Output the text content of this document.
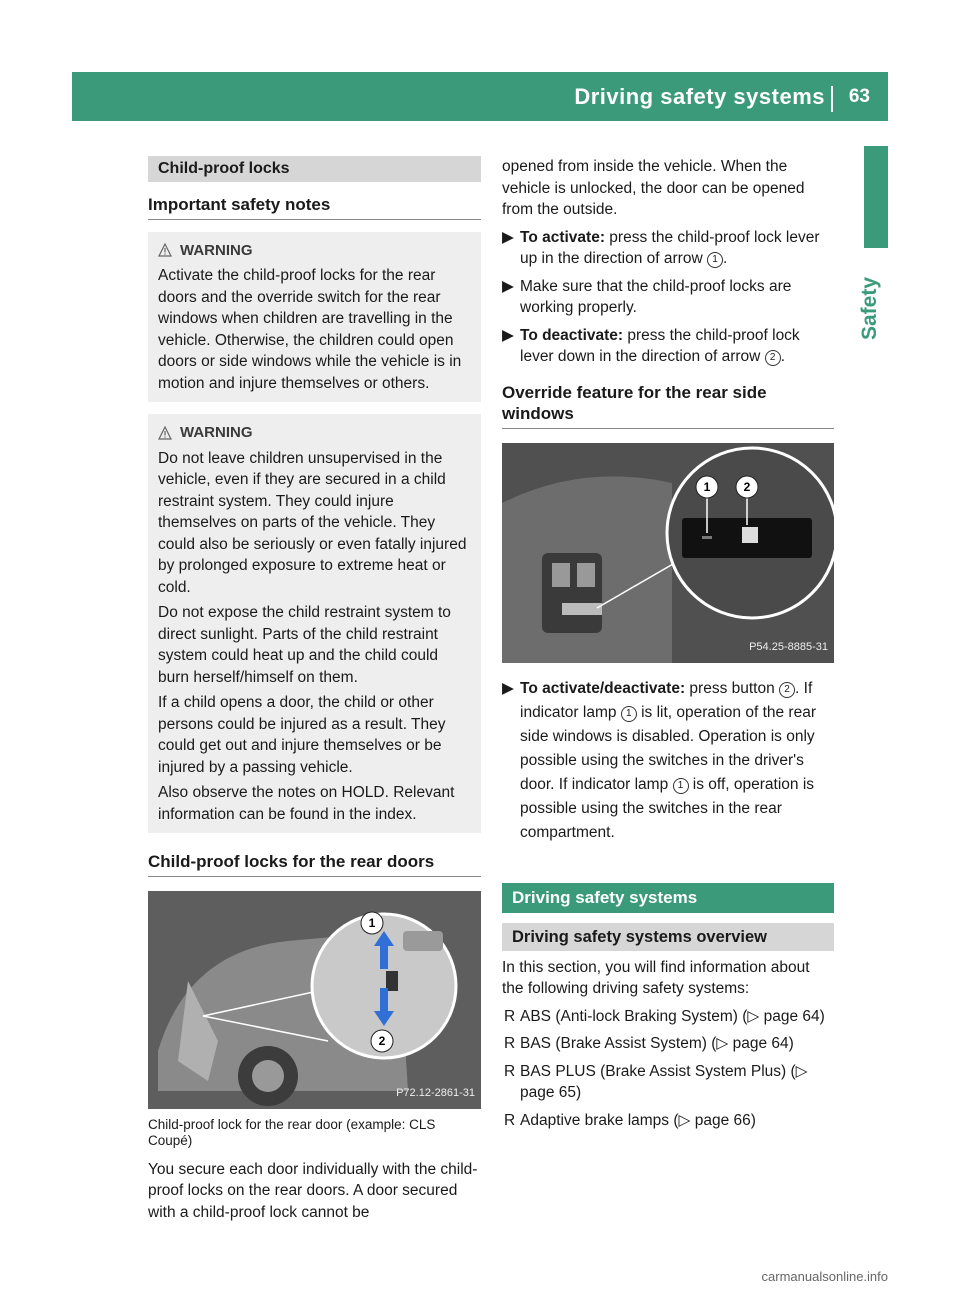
Driving safety systems 63
Safety
Child-proof locks
Important safety notes
WARNING

Activate the child-proof locks for the rear doors and the override switch for the rear windows when children are travelling in the vehicle. Otherwise, the children could open doors or side windows while the vehicle is in motion and injure themselves or others.

WARNING

Do not leave children unsupervised in the vehicle, even if they are secured in a child restraint system. They could injure themselves on parts of the vehicle. They could also be seriously or even fatally injured by prolonged exposure to extreme heat or cold.

Do not expose the child restraint system to direct sunlight. Parts of the child restraint system could heat up and the child could burn herself/himself on them.

If a child opens a door, the child or other persons could be injured as a result. They could get out and injure themselves or be injured by a passing vehicle.

Also observe the notes on HOLD. Relevant information can be found in the index.

Child-proof locks for the rear doors
1
2
P72.12-2861-31
Child-proof lock for the rear door (example: CLS Coupé)

You secure each door individually with the child-proof locks on the rear doors. A door secured with a child-proof lock cannot be

opened from inside the vehicle. When the vehicle is unlocked, the door can be opened from the outside.

▶ To activate: press the child-proof lock lever up in the direction of arrow 1 .
▶ Make sure that the child-proof locks are working properly.
▶ To deactivate: press the child-proof lock lever down in the direction of arrow 2 .
Override feature for the rear side windows
1	2
P54.25-8885-31
▶ To activate/deactivate: press button 2 . If indicator lamp 1 is lit, operation of the rear side windows is disabled. Operation is only possible using the switches in the driver's door. If indicator lamp 1 is off, operation is possible using the switches in the rear compartment.
Driving safety systems
Driving safety systems overview

In this section, you will find information about the following driving safety systems:

R ABS (Anti-lock Braking System) (▷ page 64)
R BAS (Brake Assist System) (▷ page 64)
R BAS PLUS (Brake Assist System Plus) (▷ page 65)
R Adaptive brake lamps (▷ page 66)
carmanualsonline.info
